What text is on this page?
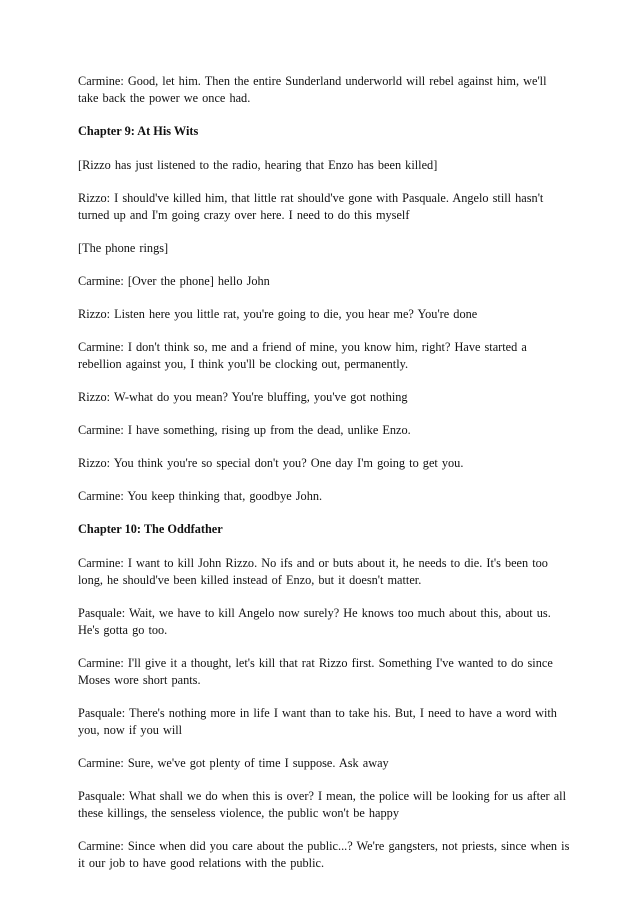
Carmine: Good, let him. Then the entire Sunderland underworld will rebel against him, we'll take back the power we once had.

Chapter 9: At His Wits

[Rizzo has just listened to the radio, hearing that Enzo has been killed]

Rizzo: I should've killed him, that little rat should've gone with Pasquale. Angelo still hasn't turned up and I'm going crazy over here. I need to do this myself

[The phone rings]

Carmine: [Over the phone] hello John

Rizzo: Listen here you little rat, you're going to die, you hear me? You're done

Carmine: I don't think so, me and a friend of mine, you know him, right? Have started a rebellion against you, I think you'll be clocking out, permanently.

Rizzo: W-what do you mean? You're bluffing, you've got nothing

Carmine: I have something, rising up from the dead, unlike Enzo.

Rizzo: You think you're so special don't you? One day I'm going to get you.

Carmine: You keep thinking that, goodbye John.

Chapter 10: The Oddfather

Carmine: I want to kill John Rizzo. No ifs and or buts about it, he needs to die. It's been too long, he should've been killed instead of Enzo, but it doesn't matter.

Pasquale: Wait, we have to kill Angelo now surely? He knows too much about this, about us. He's gotta go too.

Carmine: I'll give it a thought, let's kill that rat Rizzo first. Something I've wanted to do since Moses wore short pants.

Pasquale: There's nothing more in life I want than to take his. But, I need to have a word with you, now if you will

Carmine: Sure, we've got plenty of time I suppose. Ask away

Pasquale: What shall we do when this is over? I mean, the police will be looking for us after all these killings, the senseless violence, the public won't be happy

Carmine: Since when did you care about the public...? We're gangsters, not priests, since when is it our job to have good relations with the public.
